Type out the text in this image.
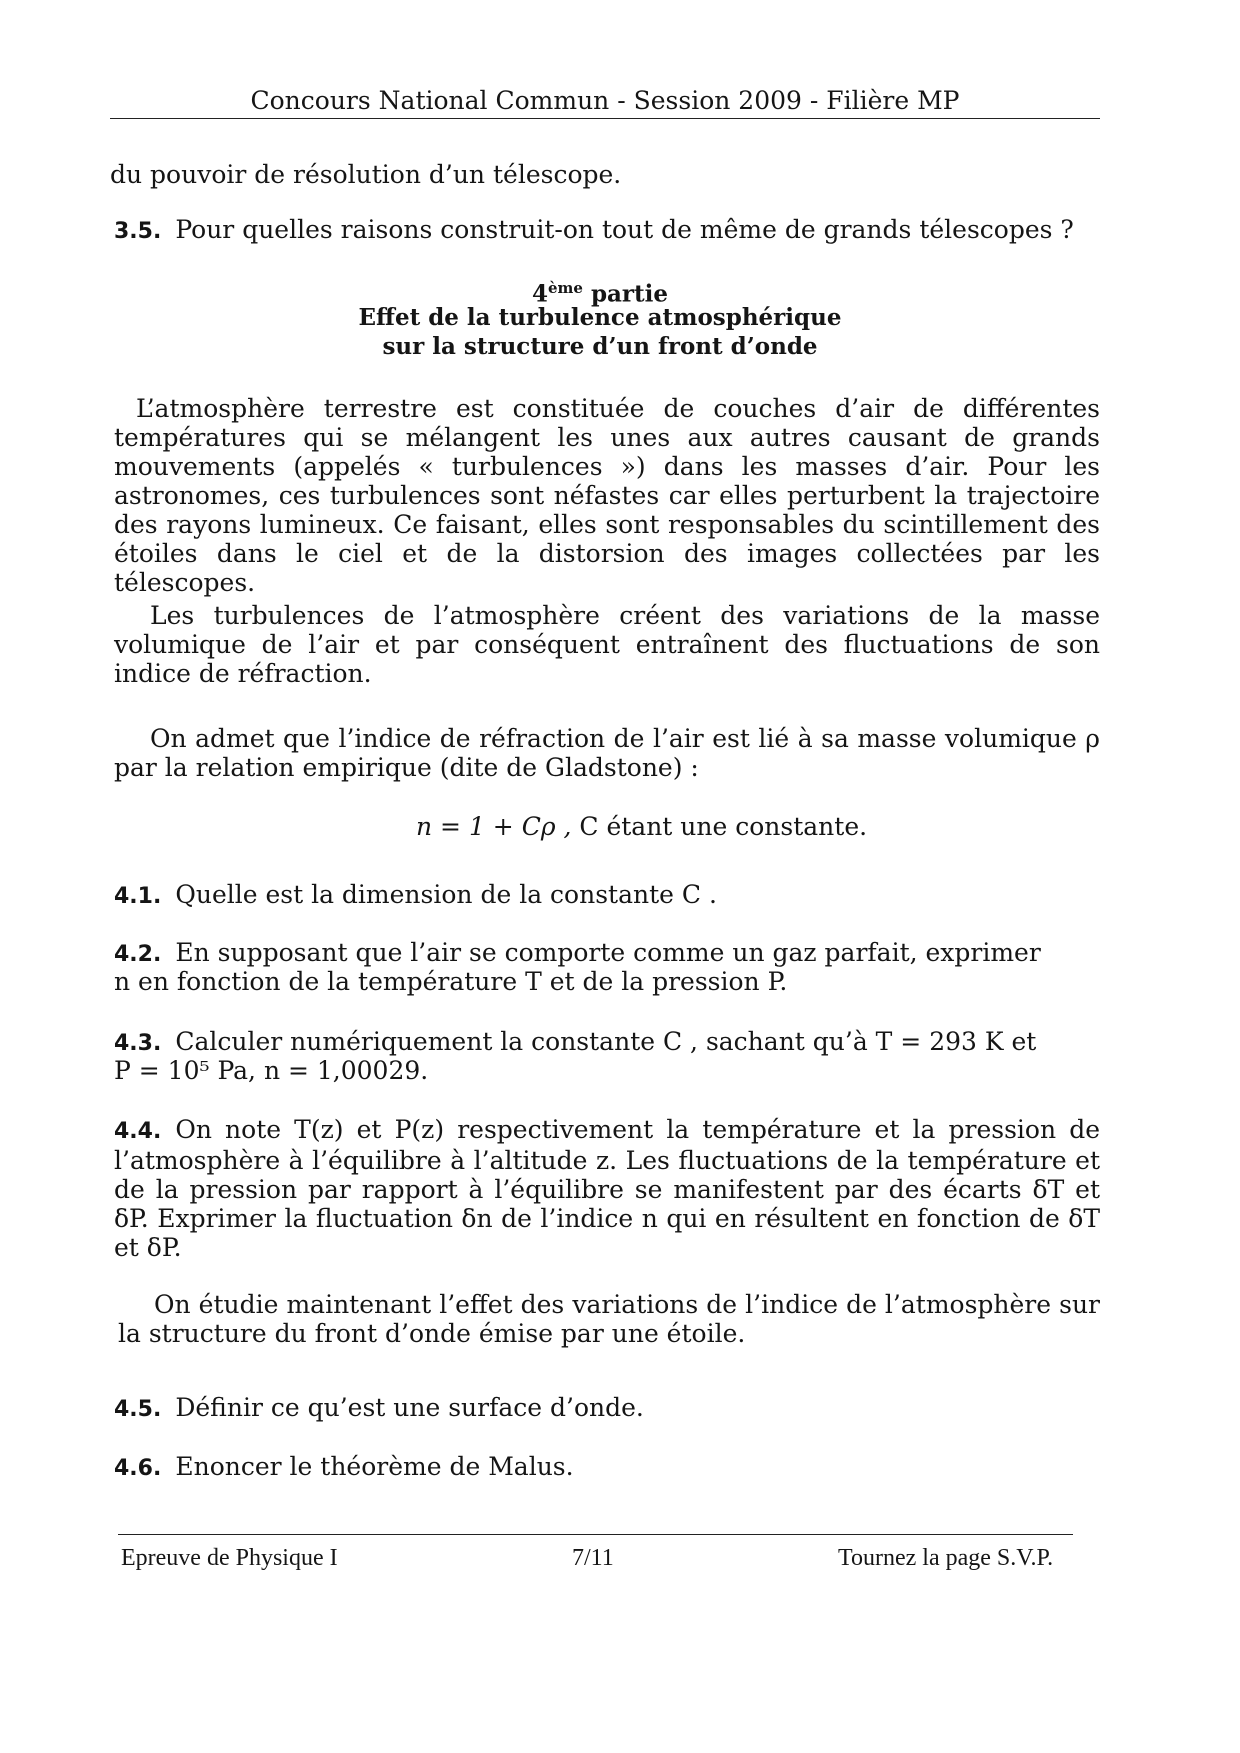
Concours National Commun - Session 2009 - Filière MP
du pouvoir de résolution d’un télescope.
3.5. Pour quelles raisons construit-on tout de même de grands télescopes ?
4ème partie
Effet de la turbulence atmosphérique
sur la structure d’un front d’onde
L’atmosphère terrestre est constituée de couches d’air de différentes températures qui se mélangent les unes aux autres causant de grands mouvements (appelés « turbulences ») dans les masses d’air. Pour les astronomes, ces turbulences sont néfastes car elles perturbent la trajectoire des rayons lumineux. Ce faisant, elles sont responsables du scintillement des étoiles dans le ciel et de la distorsion des images collectées par les télescopes.
Les turbulences de l’atmosphère créent des variations de la masse volumique de l’air et par conséquent entraînent des fluctuations de son indice de réfraction.
On admet que l’indice de réfraction de l’air est lié à sa masse volumique ρ par la relation empirique (dite de Gladstone) :
n = 1 + Cρ , C étant une constante.
4.1. Quelle est la dimension de la constante C .
4.2. En supposant que l’air se comporte comme un gaz parfait, exprimer
n en fonction de la température T et de la pression P.
4.3. Calculer numériquement la constante C , sachant qu’à T = 293 K et
P = 10⁵ Pa, n = 1,00029.
4.4. On note T(z) et P(z) respectivement la température et la pression de l’atmosphère à l’équilibre à l’altitude z. Les fluctuations de la température et de la pression par rapport à l’équilibre se manifestent par des écarts δT et δP. Exprimer la fluctuation δn de l’indice n qui en résultent en fonction de δT et δP.
On étudie maintenant l’effet des variations de l’indice de l’atmosphère sur la structure du front d’onde émise par une étoile.
4.5. Définir ce qu’est une surface d’onde.
4.6. Enoncer le théorème de Malus.
Epreuve de Physique I	7/11	Tournez la page S.V.P.
